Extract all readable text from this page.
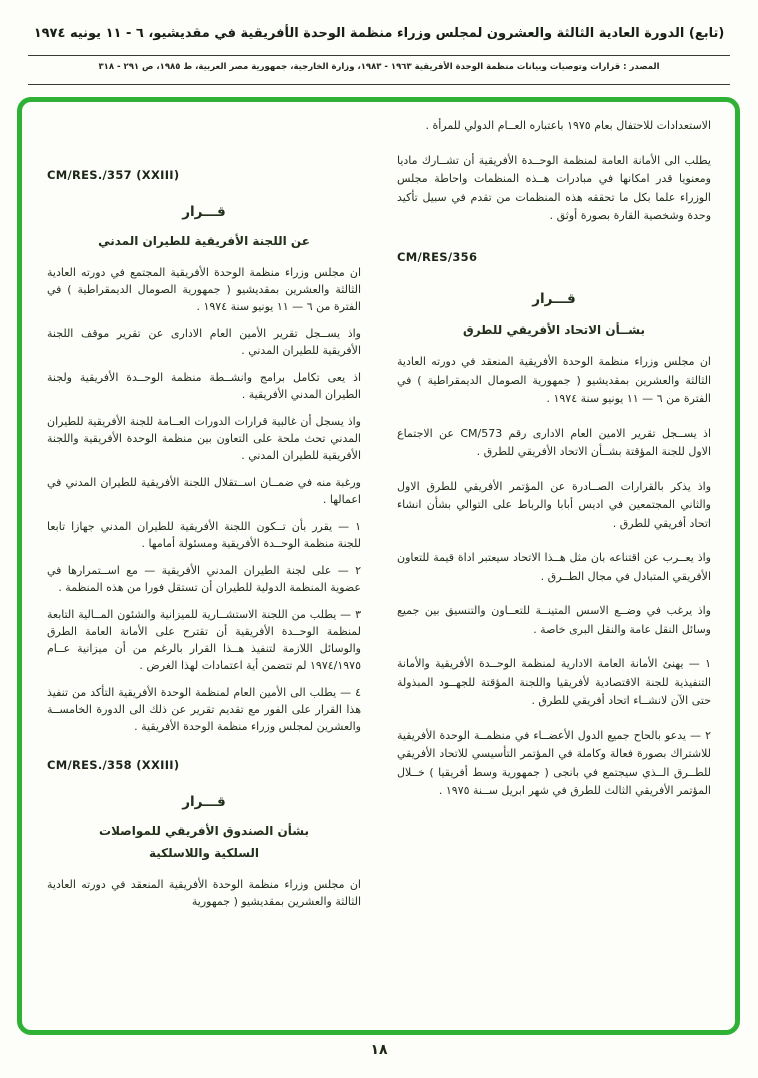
(تابع) الدورة العادية الثالثة والعشرون لمجلس وزراء منظمة الوحدة الأفريقية في مقديشيو، ٦ - ١١ يونيه ١٩٧٤
المصدر : قرارات وتوصيات وبيانات منظمة الوحدة الأفريقية ١٩٦٣ - ١٩٨٣، وزارة الخارجية، جمهورية مصر العربية، ط ١٩٨٥، ص ٢٩١ - ٣١٨

الاستعدادات للاحتفال بعام ١٩٧٥ باعتباره العــام الدولي للمرأة .

يطلب الى الأمانة العامة لمنظمة الوحــدة الأفريقية أن تشــارك ماديا ومعنويا قدر امكانها في مبادرات هــذه المنظمات واحاطة مجلس الوزراء علما بكل ما تحققه هذه المنظمات من تقدم في سبيل تأكيد وحدة وشخصية القارة بصورة أوثق .

CM/RES/356
قـــرار
بشــأن الاتحاد الأفريقي للطرق

ان مجلس وزراء منظمة الوحدة الأفريقية المنعقد في دورته العادية الثالثة والعشرين بمقديشيو ( جمهورية الصومال الديمقراطية ) في الفترة من ٦ — ١١ يونيو سنة ١٩٧٤ .

اذ يســجل تقرير الامين العام الادارى رقم CM/573 عن الاجتماع الاول للجنة المؤقتة بشــأن الاتحاد الأفريقي للطرق .

واذ يذكر بالقرارات الصــادرة عن المؤتمر الأفريقي للطرق الاول والثاني المجتمعين في اديس أبابا والرباط على التوالي بشأن انشاء اتحاد أفريقي للطرق .

واذ يعــرب عن اقتناعه بان مثل هــذا الاتحاد سيعتبر اداة قيمة للتعاون الأفريقي المتبادل في مجال الطــرق .

واذ يرغب في وضــع الاسس المتينــة للتعــاون والتنسيق بين جميع وسائل النقل عامة والنقل البرى خاصة .

١ — يهنئ الأمانة العامة الادارية لمنظمة الوحــدة الأفريقية والأمانة التنفيذية للجنة الاقتصادية لأفريقيا واللجنة المؤقتة للجهــود المبذولة حتى الآن لانشــاء اتحاد أفريقي للطرق .

٢ — يدعو بالحاح جميع الدول الأعضــاء في منظمــة الوحدة الأفريقية للاشتراك بصورة فعالة وكاملة في المؤتمر التأسيسي للاتحاد الأفريقي للطــرق الــذي سيجتمع في بانجى ( جمهورية وسط أفريقيا ) خــلال المؤتمر الأفريقي الثالث للطرق في شهر ابريل ســنة ١٩٧٥ .

CM/RES./357 (XXIII)
قـــرار
عن اللجنة الأفريقية للطيران المدني

ان مجلس وزراء منظمة الوحدة الأفريقية المجتمع في دورته العادية الثالثة والعشرين بمقديشيو ( جمهورية الصومال الديمقراطية ) في الفترة من ٦ — ١١ يونيو سنة ١٩٧٤ .

واذ يســجل تقرير الأمين العام الادارى عن تقرير موقف اللجنة الأفريقية للطيران المدني .

اذ يعى تكامل برامج وانشــطة منظمة الوحــدة الأفريقية ولجنة الطيران المدني الأفريقية .

واذ يسجل أن غالبية قرارات الدورات العــامة للجنة الأفريقية للطيران المدني تحث ملحة على التعاون بين منظمة الوحدة الأفريقية واللجنة الأفريقية للطيران المدني .

ورغبة منه في ضمــان اســتقلال اللجنة الأفريقية للطيران المدني في اعمالها .

١ — يقرر بأن تــكون اللجنة الأفريقية للطيران المدني جهازا تابعا للجنة منظمة الوحــدة الأفريقية ومسئولة أمامها .

٢ — على لجنة الطيران المدني الأفريقية — مع اســتمرارها في عضوية المنظمة الدولية للطيران أن تستقل فورا من هذه المنظمة .

٣ — يطلب من اللجنة الاستشــارية للميزانية والشئون المــالية التابعة لمنظمة الوحــدة الأفريقية أن تقترح على الأمانة العامة الطرق والوسائل اللازمة لتنفيذ هــذا القرار بالرغم من أن ميزانية عــام ١٩٧٤/١٩٧٥ لم تتضمن أية اعتمادات لهذا الغرض .

٤ — يطلب الى الأمين العام لمنظمة الوحدة الأفريقية التأكد من تنفيذ هذا القرار على الفور مع تقديم تقرير عن ذلك الى الدورة الخامســة والعشرين لمجلس وزراء منظمة الوحدة الأفريقية .

CM/RES./358 (XXIII)
قـــرار
بشأن الصندوق الأفريقي للمواصلات
السلكية واللاسلكية

ان مجلس وزراء منظمة الوحدة الأفريقية المنعقد في دورته العادية الثالثة والعشرين بمقديشيو ( جمهورية

١٨
